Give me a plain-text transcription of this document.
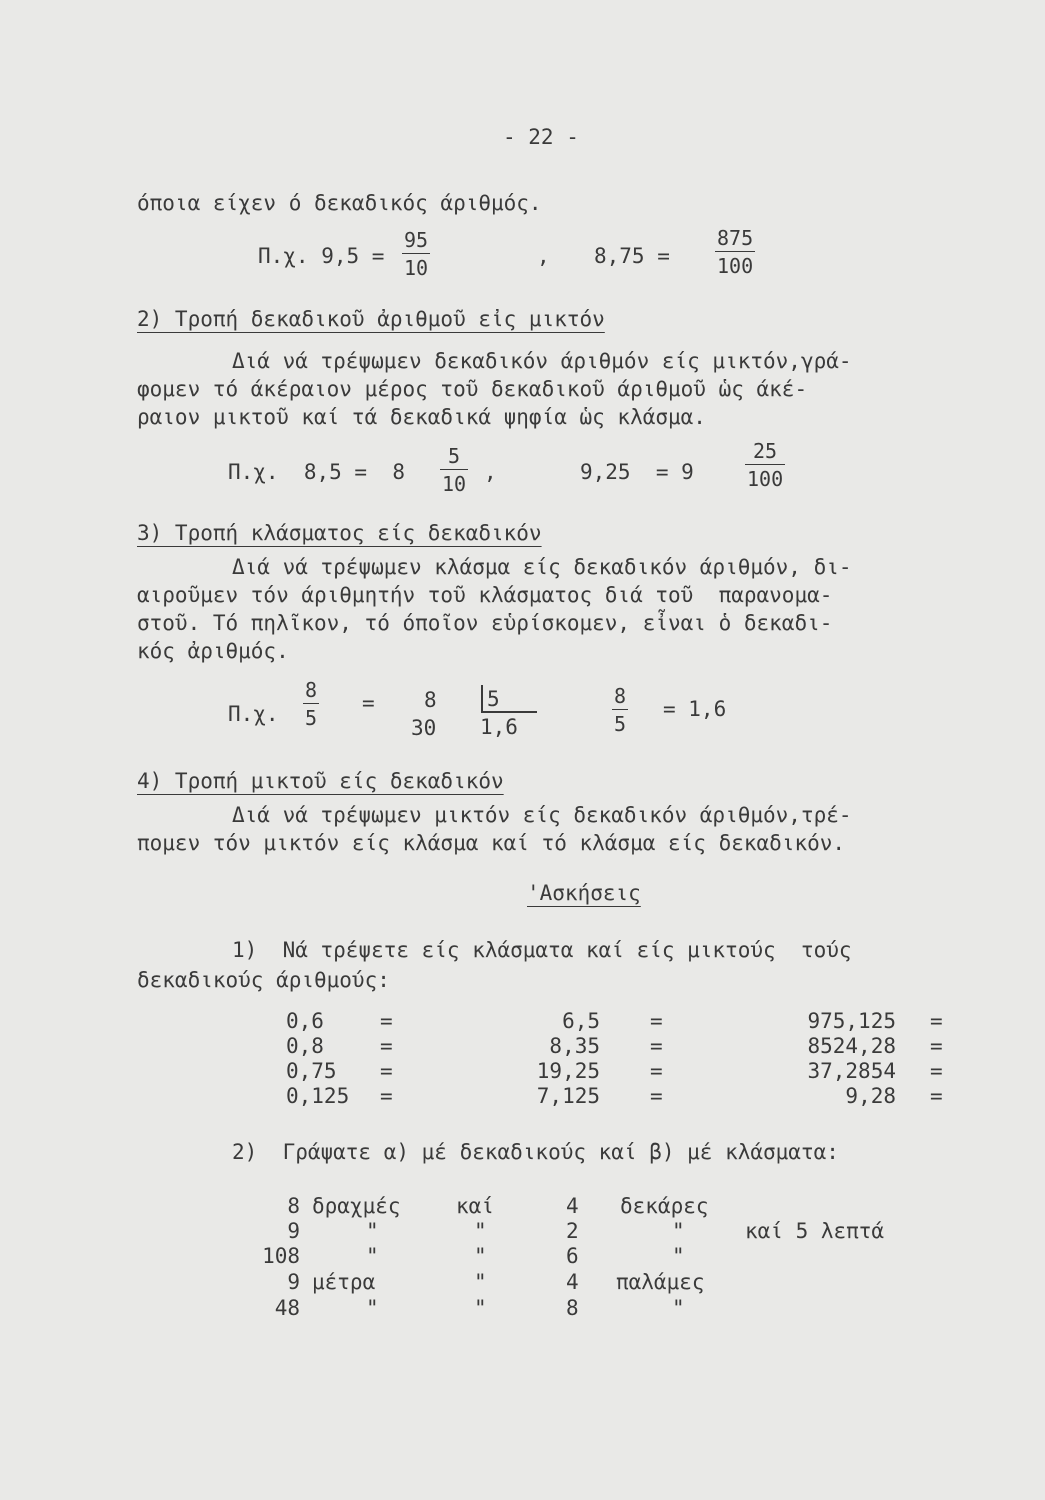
- 22 -
όποια είχεν ό δεκαδικός άριθμός.
Π.χ. $9,5 = \frac{95}{10}$	, $8,75 = \frac{875}{100}$
2) Τροπή δεκαδικοῦ ἀριθμοῦ εἰς μικτόν
Διά νά τρέψωμεν δεκαδικόν άριθμόν είς μικτόν,γρά-
φομεν τό άκέραιον μέρος τοῦ δεκαδικοῦ άριθμοῦ ὡς άκέ-
ραιον μικτοῦ καί τά δεκαδικά ψηφία ὡς κλάσμα.
Π.χ.  $8,5 = 8 \frac{5}{10}$ ,	9,25  = 9	$\frac{25}{100}$
3) Τροπή κλάσματος είς δεκαδικόν
Διά νά τρέψωμεν κλάσμα είς δεκαδικόν άριθμόν, δι-
αιροῦμεν τόν άριθμητήν τοῦ κλάσματος διά τοῦ  παρανομα-
στοῦ. Τό πηλῖκον, τό όποῖον εὑρίσκομεν, εἶναι ὁ δεκαδι-
κός ἀριθμός.
Π.χ. $\frac{8}{5} = 8$
30
5
1,6	$\frac{8}{5} = 1,6$
4) Τροπή μικτοῦ είς δεκαδικόν
Διά νά τρέψωμεν μικτόν είς δεκαδικόν άριθμόν,τρέ-
πομεν τόν μικτόν είς κλάσμα καί τό κλάσμα είς δεκαδικόν.
'Ασκήσεις
1)  Νά τρέψετε είς κλάσματα καί είς μικτούς  τούς
δεκαδικούς άριθμούς:
0,6	=	6,5 =	975,125 =
0,8	=	8,35 =	8524,28 =
0,75 =	19,25 =	37,2854 =
0,125 =	7,125 =	9,28 =
2)  Γράψατε α) μέ δεκαδικούς καί β) μέ κλάσματα:
8 δραχμές	καί	4 δεκάρες
9	"	"	2	"	καί 5 λεπτά
108	"	"	6	"
9 μέτρα	"	4 παλάμες
48	"	"	8	"
